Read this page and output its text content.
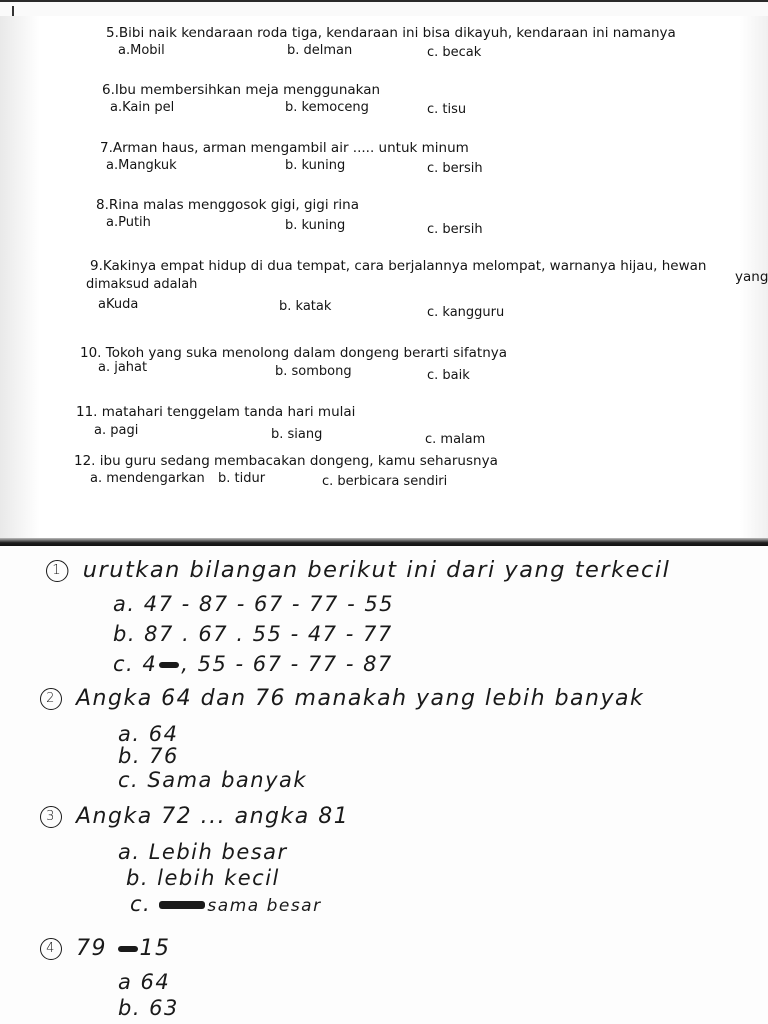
5.Bibi naik kendaraan roda tiga, kendaraan ini bisa dikayuh, kendaraan ini namanya
a.Mobil	b. delman	c. becak
6.Ibu membersihkan meja menggunakan
a.Kain pel	b. kemoceng	c. tisu
7.Arman haus, arman mengambil air ..... untuk minum
a.Mangkuk	b. kuning	c. bersih
8.Rina malas menggosok gigi, gigi rina
a.Putih	b. kuning	c. bersih
9.Kakinya empat hidup di dua tempat, cara berjalannya melompat, warnanya hijau, hewan
yang
dimaksud adalah
aKuda	b. katak	c. kangguru
10. Tokoh yang suka menolong dalam dongeng berarti sifatnya
a. jahat	b. sombong	c. baik
11. matahari tenggelam tanda hari mulai
a. pagi	b. siang	c. malam
12. ibu guru sedang membacakan dongeng, kamu seharusnya
a. mendengarkan b. tidur	c. berbicara sendiri
1 urutkan bilangan berikut ini dari yang terkecil
a. 47 - 87 - 67 - 77 - 55
b. 87 . 67 . 55 - 47 - 77
c. 4 , 55 - 67 - 77 - 87
2 Angka 64 dan 76 manakah yang lebih banyak
a. 64
b. 76
c. Sama banyak
3 Angka 72 ... angka 81
a. Lebih besar
b. lebih kecil
c.	sama besar
4 79 15
a 64
b. 63
